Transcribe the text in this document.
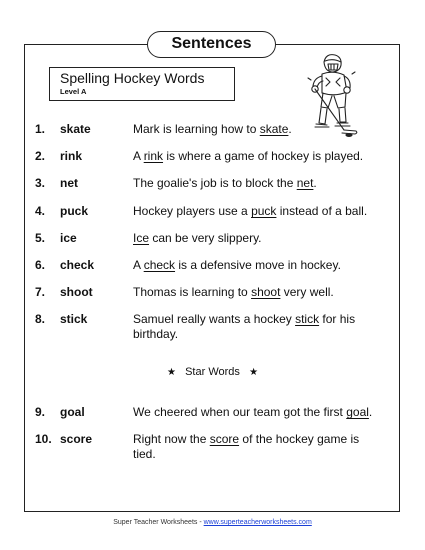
Sentences
Spelling Hockey Words
Level A
1. skate	Mark is learning how to skate.
2. rink	A rink is where a game of hockey is played.
3. net	The goalie's job is to block the net.
4. puck	Hockey players use a puck instead of a ball.
5. ice	Ice can be very slippery.
6. check	A check is a defensive move in hockey.
7. shoot	Thomas is learning to shoot very well.
8. stick	Samuel really wants a hockey stick for his birthday.
★ Star Words ★
9. goal	We cheered when our team got the first goal.
10. score	Right now the score of the hockey game is tied.
Super Teacher Worksheets - www.superteacherworksheets.com
